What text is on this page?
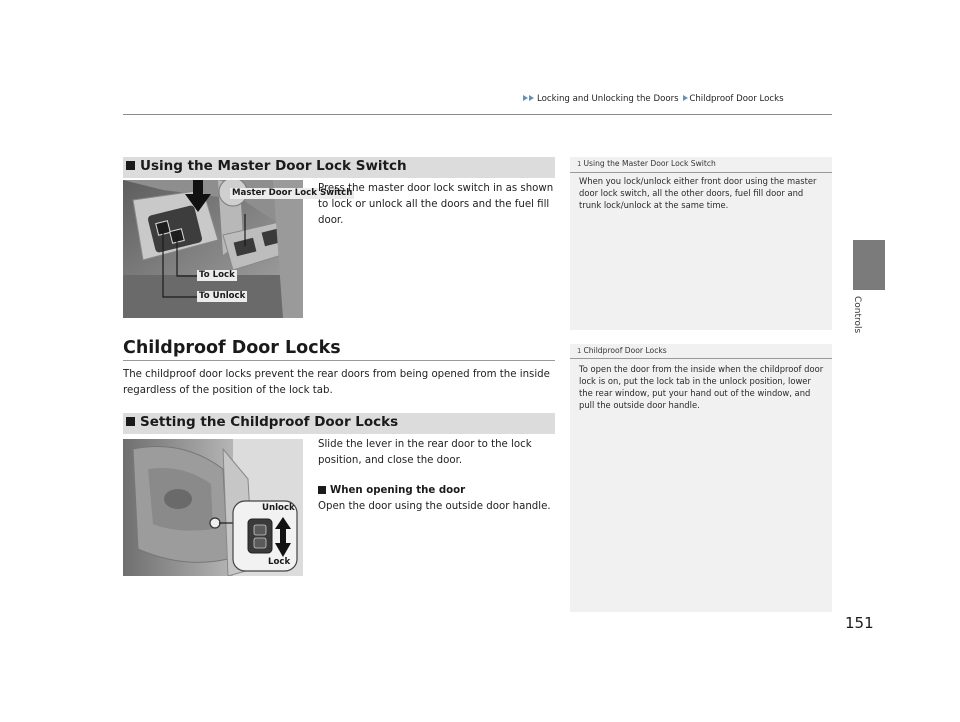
Locking and Unlocking the Doors Childproof Door Locks
Controls
Using the Master Door Lock Switch
Master Door Lock Switch
To Lock
To Unlock
Press the master door lock switch in as shown to lock or unlock all the doors and the fuel fill door.
1 Using the Master Door Lock Switch
When you lock/unlock either front door using the master door lock switch, all the other doors, fuel fill door and trunk lock/unlock at the same time.
Childproof Door Locks
The childproof door locks prevent the rear doors from being opened from the inside regardless of the position of the lock tab.
1 Childproof Door Locks
To open the door from the inside when the childproof door lock is on, put the lock tab in the unlock position, lower the rear window, put your hand out of the window, and pull the outside door handle.
Setting the Childproof Door Locks
Unlock
Lock
Slide the lever in the rear door to the lock position, and close the door.
When opening the door
Open the door using the outside door handle.
151
